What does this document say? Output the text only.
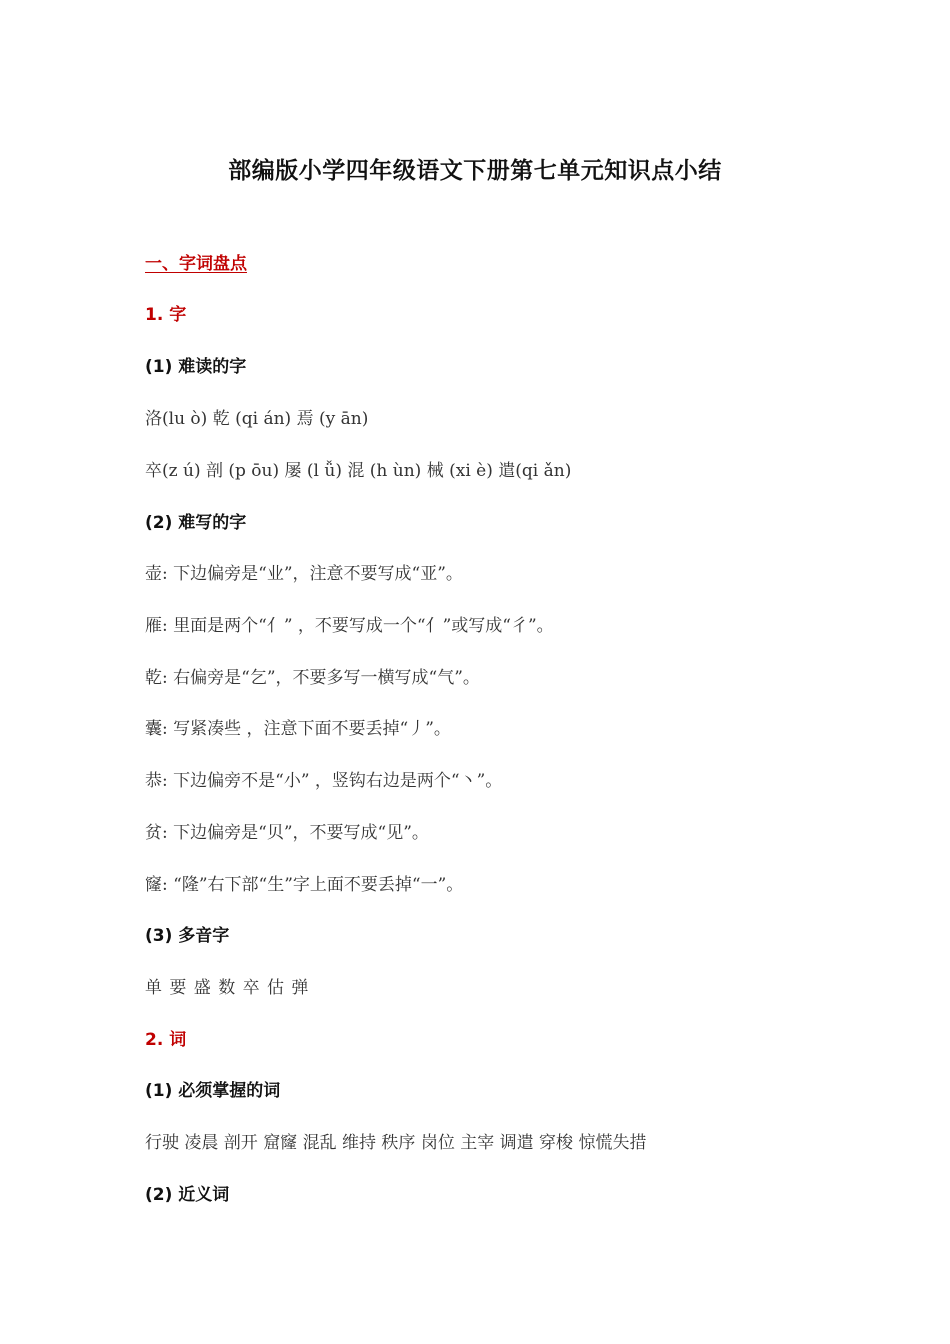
部编版小学四年级语文下册第七单元知识点小结
一、字词盘点
1. 字
(1) 难读的字
洛(lu ò) 乾 (qi án) 焉 (y ān)
卒(z ú) 剖 (p ōu) 屡 (l ǚ) 混 (h ùn) 械 (xi è) 遣(qi ǎn)
(2) 难写的字
壶: 下边偏旁是“业”，注意不要写成“亚”。
雁: 里面是两个“亻” ，不要写成一个“亻”或写成“彳”。
乾: 右偏旁是“乞”，不要多写一横写成“气”。
囊: 写紧凑些 ，注意下面不要丢掉“丿”。
恭: 下边偏旁不是“小” ，竖钩右边是两个“丶”。
贫: 下边偏旁是“贝”，不要写成“见”。
窿: “隆”右下部“生”字上面不要丢掉“一”。
(3) 多音字
单 要 盛 数 卒 估 弹
2. 词
(1) 必须掌握的词
行驶 凌晨 剖开 窟窿 混乱 维持 秩序 岗位 主宰 调遣 穿梭 惊慌失措
(2) 近义词
